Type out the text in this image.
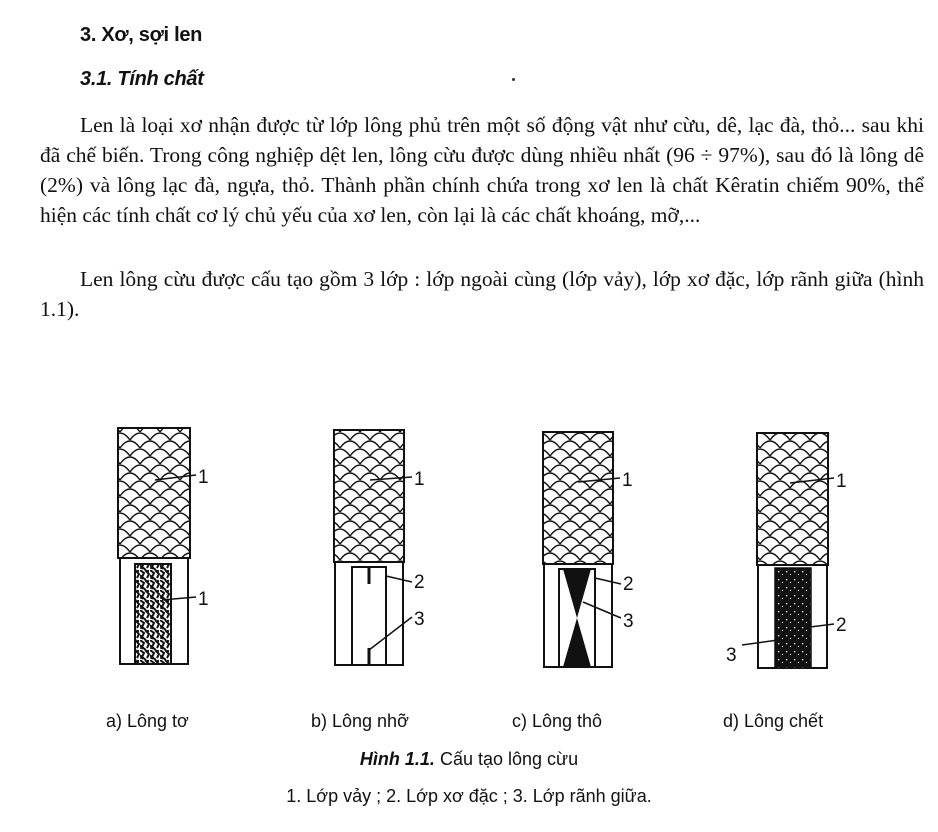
3. Xơ, sợi len
3.1. Tính chất

Len là loại xơ nhận được từ lớp lông phủ trên một số động vật như cừu, dê, lạc đà, thỏ... sau khi đã chế biến. Trong công nghiệp dệt len, lông cừu được dùng nhiều nhất (96 ÷ 97%), sau đó là lông dê (2%) và lông lạc đà, ngựa, thỏ. Thành phần chính chứa trong xơ len là chất Kêratin chiếm 90%, thể hiện các tính chất cơ lý chủ yếu của xơ len, còn lại là các chất khoáng, mỡ,...

Len lông cừu được cấu tạo gồm 3 lớp : lớp ngoài cùng (lớp vảy), lớp xơ đặc, lớp rãnh giữa (hình 1.1).

1
1
1
2
3
1
2
3
1
2
3
a) Lông tơ	b) Lông nhỡ	c) Lông thô	d) Lông chết
Hình 1.1. Cấu tạo lông cừu
1. Lớp vảy ; 2. Lớp xơ đặc ; 3. Lớp rãnh giữa.
